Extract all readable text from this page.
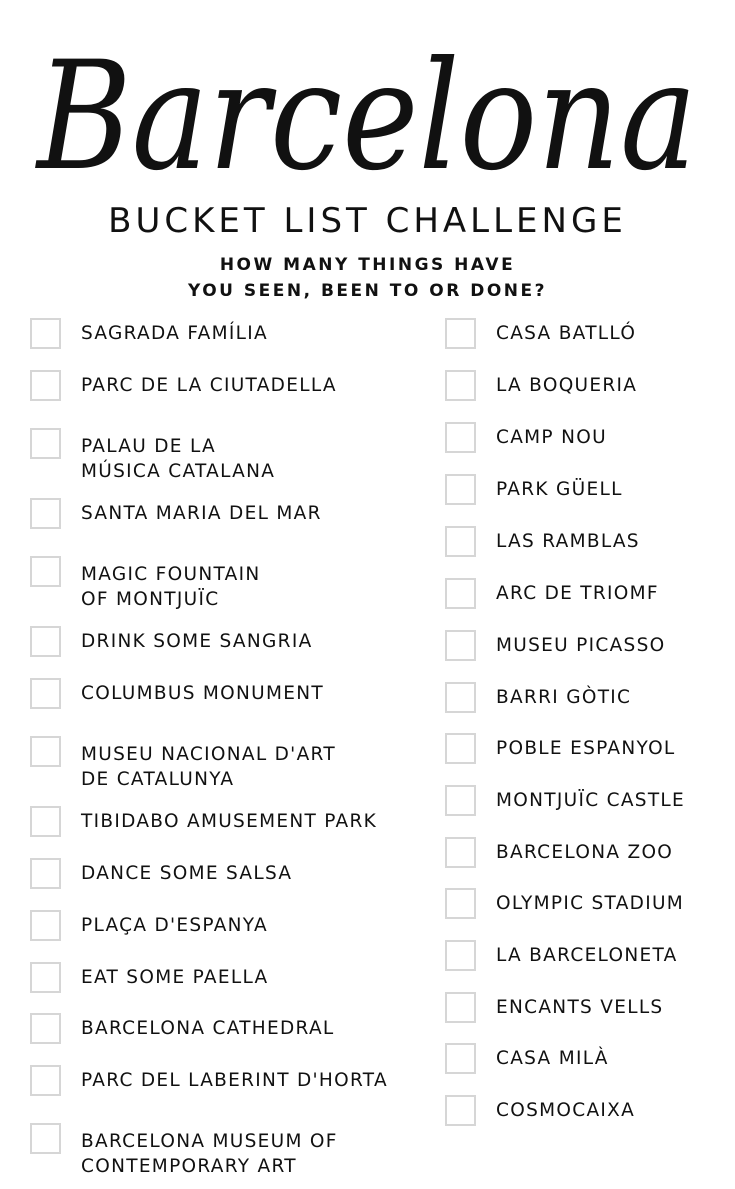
Barcelona
BUCKET LIST CHALLENGE
HOW MANY THINGS HAVE
YOU SEEN, BEEN TO OR DONE?
SAGRADA FAMÍLIA
PARC DE LA CIUTADELLA
PALAU DE LA
MÚSICA CATALANA
SANTA MARIA DEL MAR
MAGIC FOUNTAIN
OF MONTJUÏC
DRINK SOME SANGRIA
COLUMBUS MONUMENT
MUSEU NACIONAL D'ART
DE CATALUNYA
TIBIDABO AMUSEMENT PARK
DANCE SOME SALSA
PLAÇA D'ESPANYA
EAT SOME PAELLA
BARCELONA CATHEDRAL
PARC DEL LABERINT D'HORTA
BARCELONA MUSEUM OF
CONTEMPORARY ART
CASA BATLLÓ
LA BOQUERIA
CAMP NOU
PARK GÜELL
LAS RAMBLAS
ARC DE TRIOMF
MUSEU PICASSO
BARRI GÒTIC
POBLE ESPANYOL
MONTJUÏC CASTLE
BARCELONA ZOO
OLYMPIC STADIUM
LA BARCELONETA
ENCANTS VELLS
CASA MILÀ
COSMOCAIXA
